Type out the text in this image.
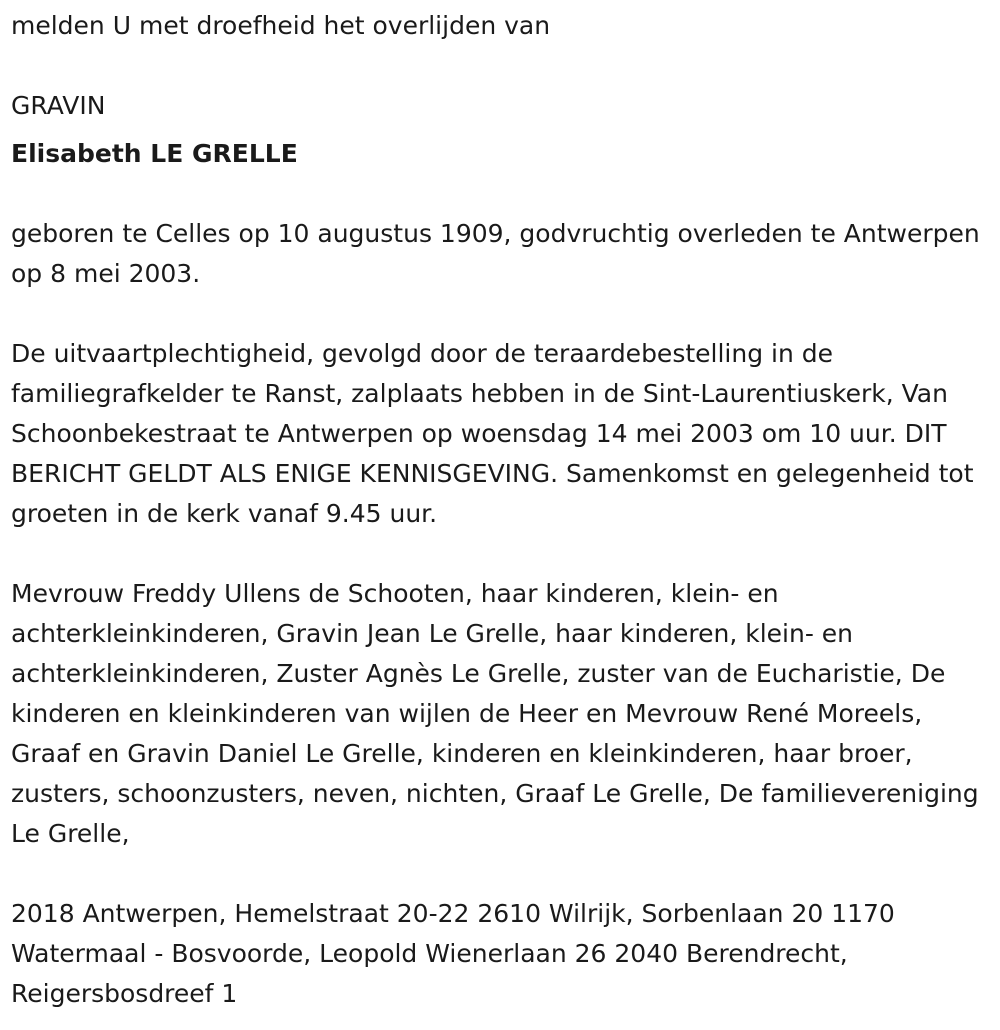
melden U met droefheid het overlijden van

GRAVIN

Elisabeth LE GRELLE

geboren te Celles op 10 augustus 1909, godvruchtig overleden te Antwerpen op 8 mei 2003.

De uitvaartplechtigheid, gevolgd door de teraardebestelling in de familiegrafkelder te Ranst, zalplaats hebben in de Sint-Laurentiuskerk, Van Schoonbekestraat te Antwerpen op woensdag 14 mei 2003 om 10 uur. DIT BERICHT GELDT ALS ENIGE KENNISGEVING. Samenkomst en gelegenheid tot groeten in de kerk vanaf 9.45 uur.

Mevrouw Freddy Ullens de Schooten, haar kinderen, klein- en achterkleinkinderen, Gravin Jean Le Grelle, haar kinderen, klein- en achterkleinkinderen, Zuster Agnès Le Grelle, zuster van de Eucharistie, De kinderen en kleinkinderen van wijlen de Heer en Mevrouw René Moreels, Graaf en Gravin Daniel Le Grelle, kinderen en kleinkinderen, haar broer, zusters, schoonzusters, neven, nichten, Graaf Le Grelle, De familievereniging Le Grelle,

2018 Antwerpen, Hemelstraat 20-22 2610 Wilrijk, Sorbenlaan 20 1170 Watermaal - Bosvoorde, Leopold Wienerlaan 26 2040 Berendrecht, Reigersbosdreef 1
